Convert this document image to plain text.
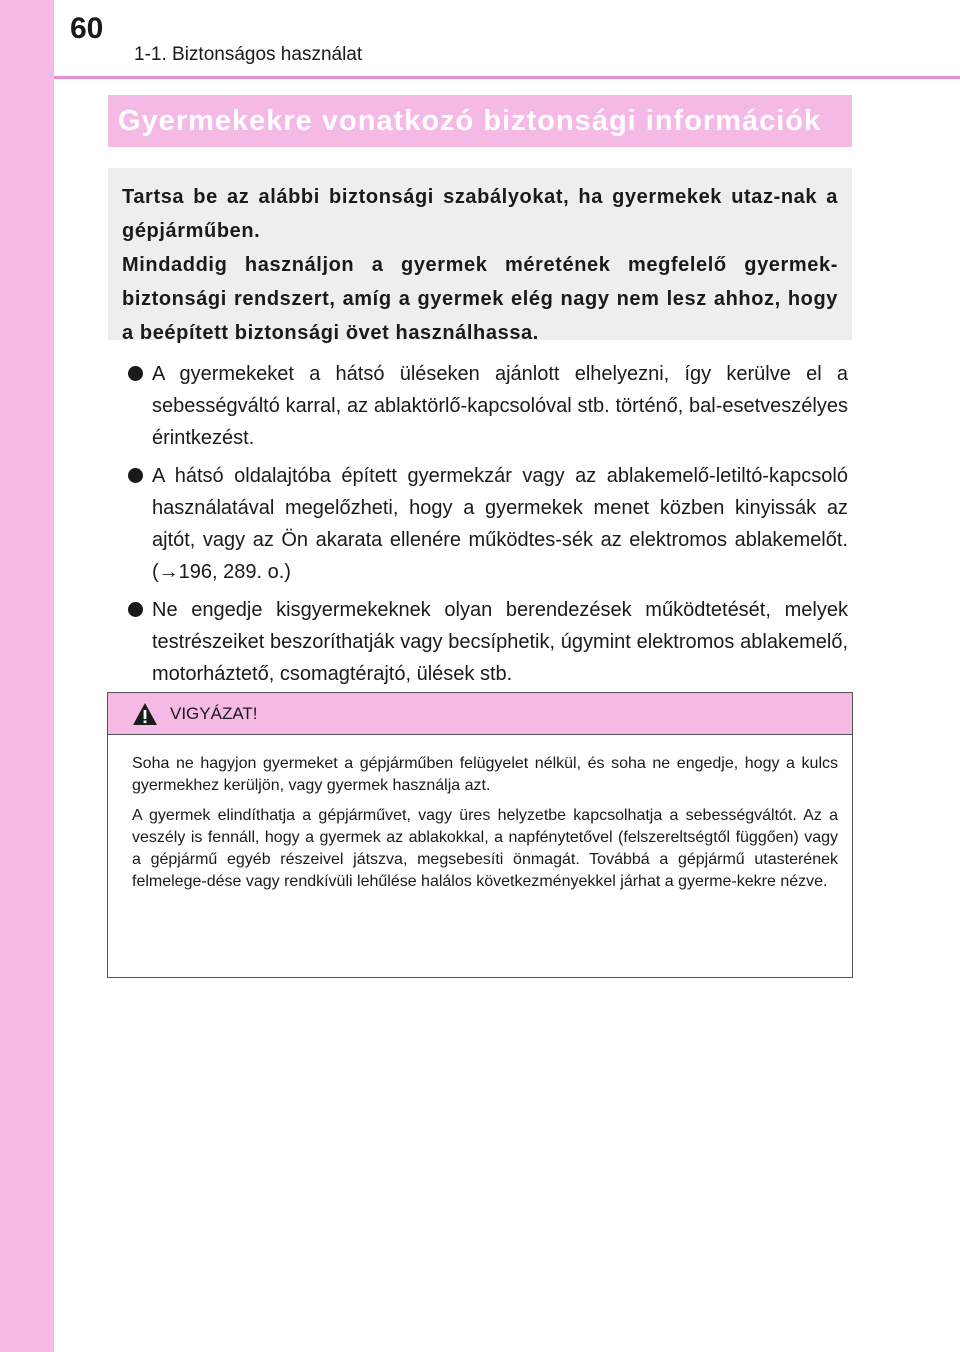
60
1-1. Biztonságos használat
Gyermekekre vonatkozó biztonsági információk

Tartsa be az alábbi biztonsági szabályokat, ha gyermekek utaz-nak a gépjárműben.

Mindaddig használjon a gyermek méretének megfelelő gyermek-biztonsági rendszert, amíg a gyermek elég nagy nem lesz ahhoz, hogy a beépített biztonsági övet használhassa.

A gyermekeket a hátsó üléseken ajánlott elhelyezni, így kerülve el a sebességváltó karral, az ablaktörlő-kapcsolóval stb. történő, bal-esetveszélyes érintkezést.
A hátsó oldalajtóba épített gyermekzár vagy az ablakemelő-letiltó-kapcsoló használatával megelőzheti, hogy a gyermekek menet közben kinyissák az ajtót, vagy az Ön akarata ellenére működtes-sék az elektromos ablakemelőt. (→196, 289. o.)
Ne engedje kisgyermekeknek olyan berendezések működtetését, melyek testrészeiket beszoríthatják vagy becsíphetik, úgymint elektromos ablakemelő, motorháztető, csomagtérajtó, ülések stb.
VIGYÁZAT!

Soha ne hagyjon gyermeket a gépjárműben felügyelet nélkül, és soha ne engedje, hogy a kulcs gyermekhez kerüljön, vagy gyermek használja azt.

A gyermek elindíthatja a gépjárművet, vagy üres helyzetbe kapcsolhatja a sebességváltót. Az a veszély is fennáll, hogy a gyermek az ablakokkal, a napfénytetővel (felszereltségtől függően) vagy a gépjármű egyéb részeivel játszva, megsebesíti önmagát. Továbbá a gépjármű utasterének felmelege-dése vagy rendkívüli lehűlése halálos következményekkel járhat a gyerme-kekre nézve.
